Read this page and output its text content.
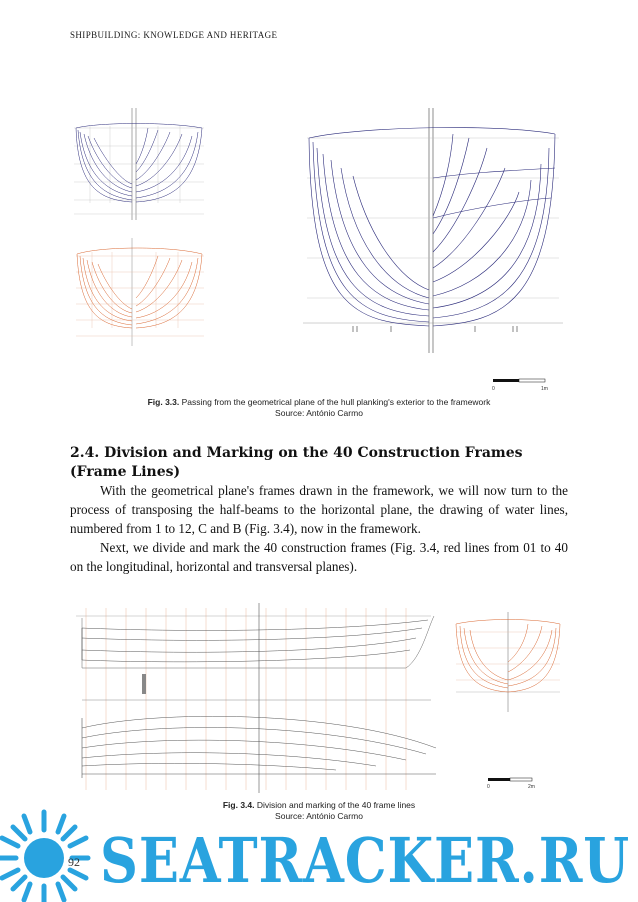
SHIPBUILDING: KNOWLEDGE AND HERITAGE
0	1m
Fig. 3.3. Passing from the geometrical plane of the hull planking's exterior to the framework
Source: António Carmo
2.4. Division and Marking on the 40 Construction Frames
(Frame Lines)

With the geometrical plane's frames drawn in the framework, we will now turn to the process of transposing the half-beams to the horizontal plane, the drawing of water lines, numbered from 1 to 12, C and B (Fig. 3.4), now in the framework.

Next, we divide and mark the 40 construction frames (Fig. 3.4, red lines from 01 to 40 on the longitudinal, horizontal and transversal planes).

0	2m
Fig. 3.4. Division and marking of the 40 frame lines
Source: António Carmo
SEATRACKER.RU
92
